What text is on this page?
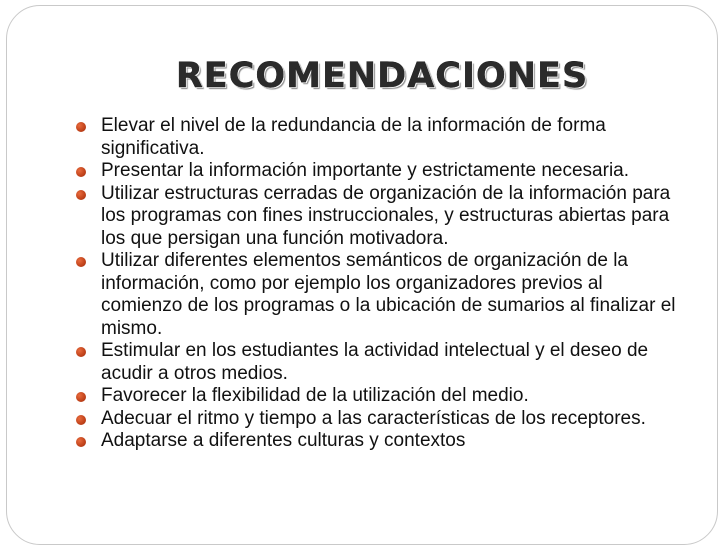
RECOMENDACIONES
Elevar el nivel de la redundancia de la información de forma significativa.
Presentar la información importante y estrictamente necesaria.
Utilizar estructuras cerradas de organización de la información para los programas con fines instruccionales, y estructuras abiertas para los que persigan una función motivadora.
Utilizar diferentes elementos semánticos de organización de la información, como por ejemplo los organizadores previos al comienzo de los programas o la ubicación de sumarios al finalizar el mismo.
Estimular en los estudiantes la actividad intelectual y el deseo de acudir a otros medios.
Favorecer la flexibilidad de la utilización del medio.
Adecuar el ritmo y tiempo a las características de los receptores.
Adaptarse a diferentes culturas y contextos
